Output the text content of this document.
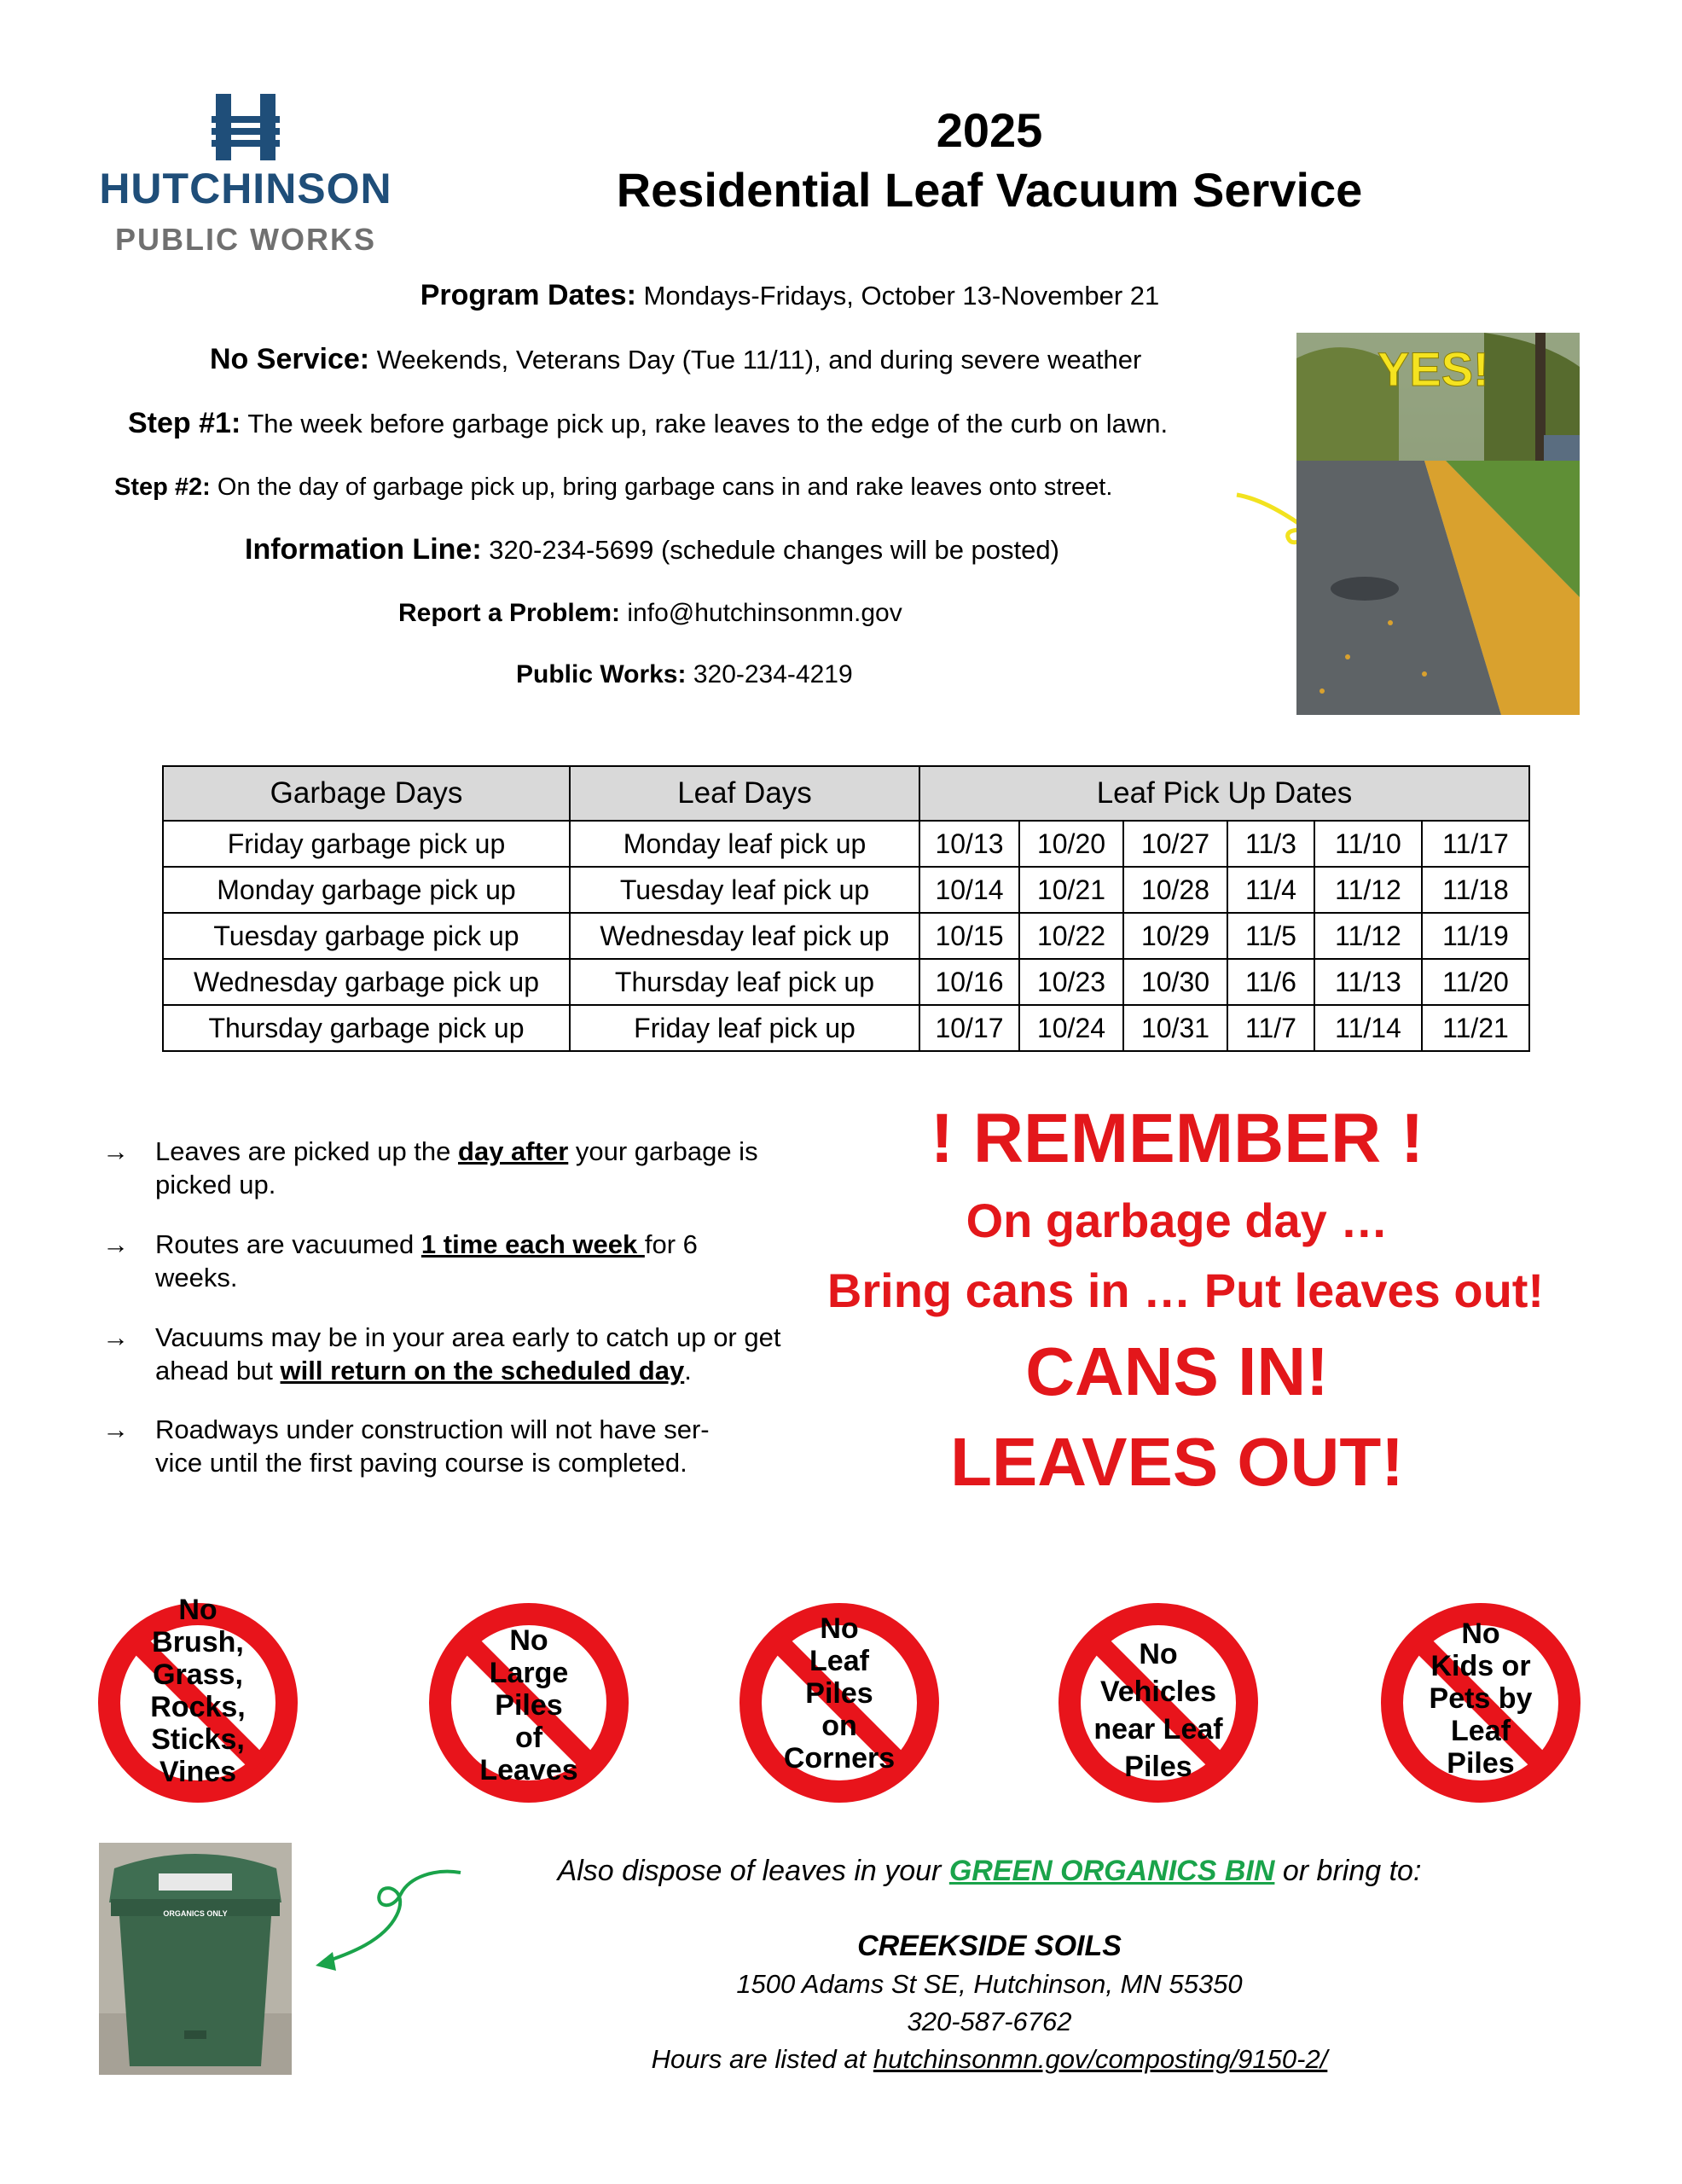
HUTCHINSON
PUBLIC WORKS
2025
Residential Leaf Vacuum Service
Program Dates: Mondays-Fridays, October 13-November 21
No Service: Weekends, Veterans Day (Tue 11/11), and during severe weather
Step #1: The week before garbage pick up, rake leaves to the edge of the curb on lawn.
Step #2: On the day of garbage pick up, bring garbage cans in and rake leaves onto street.
Information Line: 320-234-5699 (schedule changes will be posted)
Report a Problem: info@hutchinsonmn.gov
Public Works: 320-234-4219
YES!
Garbage Days	Leaf Days	Leaf Pick Up Dates					
Friday garbage pick up	Monday leaf pick up	10/13	10/20	10/27	11/3	11/10	11/17
Monday garbage pick up	Tuesday leaf pick up	10/14	10/21	10/28	11/4	11/12	11/18
Tuesday garbage pick up	Wednesday leaf pick up	10/15	10/22	10/29	11/5	11/12	11/19
Wednesday garbage pick up	Thursday leaf pick up	10/16	10/23	10/30	11/6	11/13	11/20
Thursday garbage pick up	Friday leaf pick up	10/17	10/24	10/31	11/7	11/14	11/21
→ Leaves are picked up the day after your garbage is picked up.
→ Routes are vacuumed 1 time each week for 6 weeks.
→ Vacuums may be in your area early to catch up or get ahead but will return on the scheduled day.
→ Roadways under construction will not have ser-vice until the first paving course is completed.
! REMEMBER !
On garbage day …
Bring cans in … Put leaves out!
CANS IN!
LEAVES OUT!
No
Brush,
Grass,
Rocks,
Sticks,
Vines
No
Large
Piles
of
Leaves
No
Leaf
Piles
on
Corners
No
Vehicles
near Leaf
Piles
No
Kids or
Pets by
Leaf
Piles
ORGANICS ONLY
Also dispose of leaves in your GREEN ORGANICS BIN or bring to:
CREEKSIDE SOILS
1500 Adams St SE, Hutchinson, MN 55350
320-587-6762
Hours are listed at hutchinsonmn.gov/composting/9150-2/
